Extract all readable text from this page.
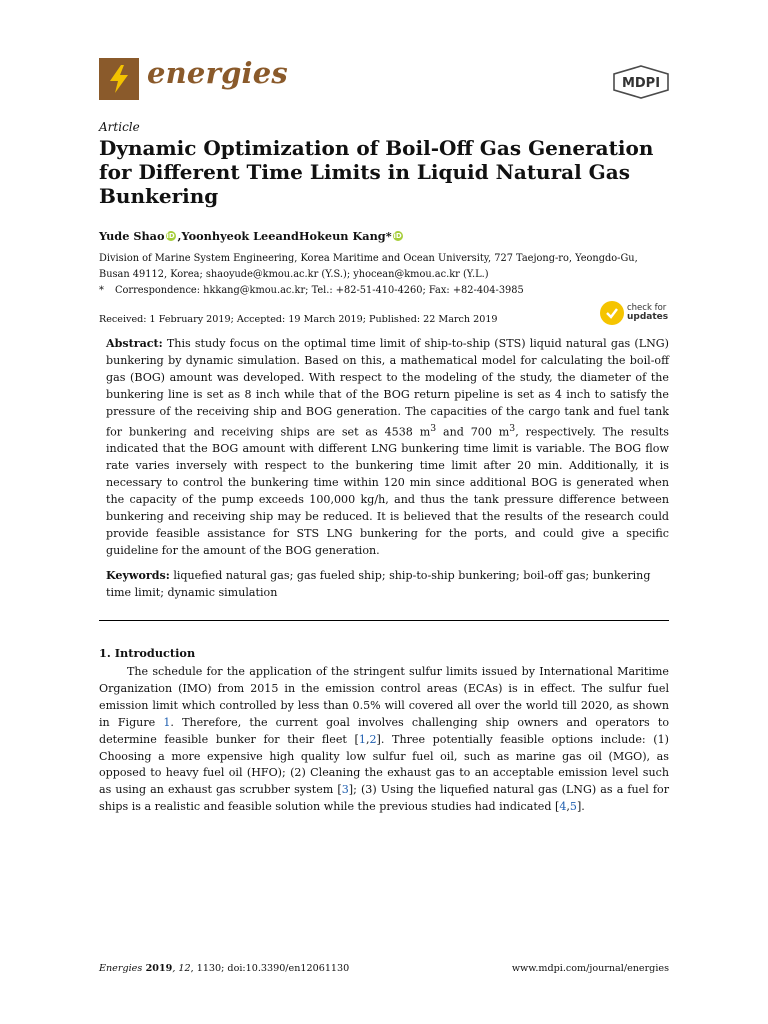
energies	MDPI
Article
Dynamic Optimization of Boil-Off Gas Generation for Different Time Limits in Liquid Natural Gas Bunkering
Yude Shao iD , Yoonhyeok Lee and Hokeun Kang * iD

Division of Marine System Engineering, Korea Maritime and Ocean University, 727 Taejong-ro, Yeongdo-Gu, Busan 49112, Korea; shaoyude@kmou.ac.kr (Y.S.); yhocean@kmou.ac.kr (Y.L.)

*	Correspondence: hkkang@kmou.ac.kr; Tel.: +82-51-410-4260; Fax: +82-404-3985

Received: 1 February 2019; Accepted: 19 March 2019; Published: 22 March 2019
check for
updates

Abstract: This study focus on the optimal time limit of ship-to-ship (STS) liquid natural gas (LNG) bunkering by dynamic simulation. Based on this, a mathematical model for calculating the boil-off gas (BOG) amount was developed. With respect to the modeling of the study, the diameter of the bunkering line is set as 8 inch while that of the BOG return pipeline is set as 4 inch to satisfy the pressure of the receiving ship and BOG generation. The capacities of the cargo tank and fuel tank for bunkering and receiving ships are set as 4538 $m^3$ and 700 $m^3$, respectively. The results indicated that the BOG amount with different LNG bunkering time limit is variable. The BOG flow rate varies inversely with respect to the bunkering time limit after 20 min. Additionally, it is necessary to control the bunkering time within 120 min since additional BOG is generated when the capacity of the pump exceeds 100,000 kg/h, and thus the tank pressure difference between bunkering and receiving ship may be reduced. It is believed that the results of the research could provide feasible assistance for STS LNG bunkering for the ports, and could give a specific guideline for the amount of the BOG generation.

Keywords: liquefied natural gas; gas fueled ship; ship-to-ship bunkering; boil-off gas; bunkering time limit; dynamic simulation

1. Introduction

The schedule for the application of the stringent sulfur limits issued by International Maritime Organization (IMO) from 2015 in the emission control areas (ECAs) is in effect. The sulfur fuel emission limit which controlled by less than 0.5% will covered all over the world till 2020, as shown in Figure 1. Therefore, the current goal involves challenging ship owners and operators to determine feasible bunker for their fleet [1,2]. Three potentially feasible options include: (1) Choosing a more expensive high quality low sulfur fuel oil, such as marine gas oil (MGO), as opposed to heavy fuel oil (HFO); (2) Cleaning the exhaust gas to an acceptable emission level such as using an exhaust gas scrubber system [3]; (3) Using the liquefied natural gas (LNG) as a fuel for ships is a realistic and feasible solution while the previous studies had indicated [4,5].

Energies 2019, 12, 1130; doi:10.3390/en12061130	www.mdpi.com/journal/energies
